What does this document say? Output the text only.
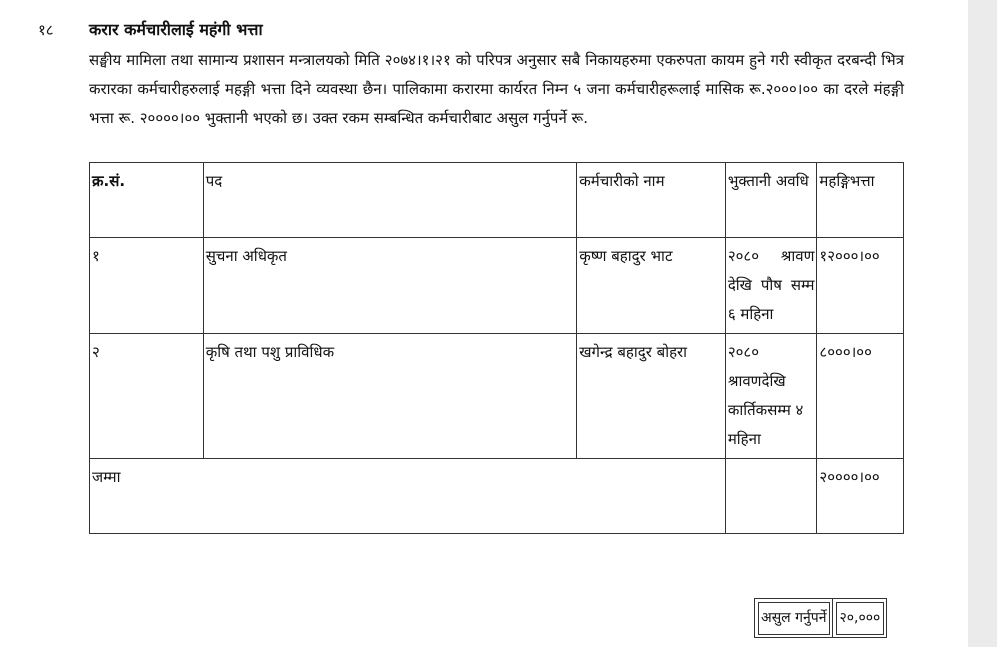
१८ करार कर्मचारीलाई महंगी भत्ता
सङ्घीय मामिला तथा सामान्य प्रशासन मन्त्रालयको मिति २०७४।१।२१ को परिपत्र अनुसार सबै निकायहरुमा एकरुपता कायम हुने गरी स्वीकृत दरबन्दी भित्र करारका कर्मचारीहरुलाई महङ्गी भत्ता दिने व्यवस्था छैन। पालिकामा करारमा कार्यरत निम्न ५ जना कर्मचारीहरूलाई मासिक रू.२०००।०० का दरले मंहङ्गी भत्ता रू. २००००।०० भुक्तानी भएको छ। उक्त रकम सम्बन्धित कर्मचारीबाट असुल गर्नुपर्ने रू.
क्र.सं.	पद	कर्मचारीको नाम	भुक्तानी अवधि	महङ्गिभत्ता
१	सुचना अधिकृत	कृष्ण बहादुर भाट	२०८० श्रावण देखि पौष सम्म ६ महिना	१२०००।००
२	कृषि तथा पशु प्राविधिक	खगेन्द्र बहादुर बोहरा	२०८० श्रावणदेखि कार्तिकसम्म ४ महिना	८०००।००
जम्मा				२००००।००
असुल गर्नुपर्ने	२०,०००
